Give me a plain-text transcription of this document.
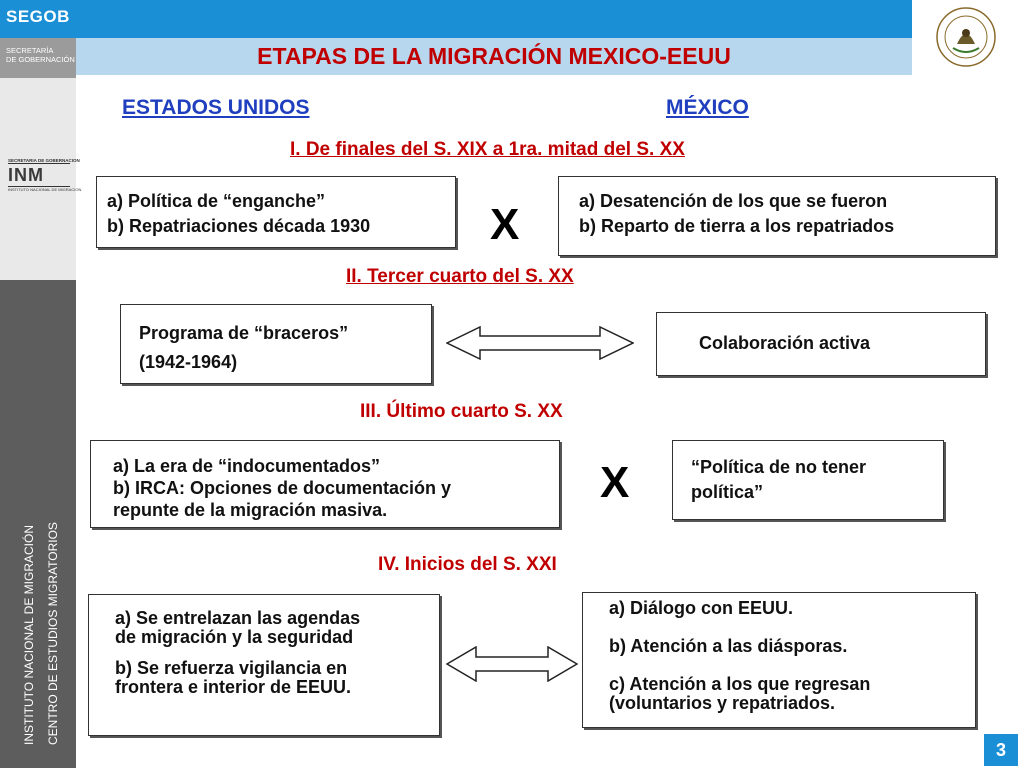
SEGOB
SECRETARÍA
DE GOBERNACIÓN	ETAPAS DE LA MIGRACIÓN MEXICO-EEUU
SECRETARIA DE GOBERNACION
INM
INSTITUTO NACIONAL DE MIGRACION
INSTITUTO NACIONAL DE MIGRACIÓN CENTRO DE ESTUDIOS MIGRATORIOS
ESTADOS UNIDOS	MÉXICO
I. De finales del S. XIX a 1ra. mitad del S. XX
a) Política de “enganche”
b) Repatriaciones década 1930	X	a) Desatención de los que se fueron
b) Reparto de tierra a los repatriados
II. Tercer cuarto del S. XX
Programa de “braceros”
(1942-1964)
Colaboración activa
III. Último cuarto S. XX
a) La era de “indocumentados”
b) IRCA: Opciones de documentación y
repunte de la migración masiva.
X	“Política de no tener
política”
IV. Inicios del S. XXI
a) Se entrelazan las agendas
de migración y la seguridad
b) Se refuerza vigilancia en
frontera e interior de EEUU.
a) Diálogo con EEUU.
b) Atención a las diásporas.
c) Atención a los que regresan
(voluntarios y repatriados.
3
